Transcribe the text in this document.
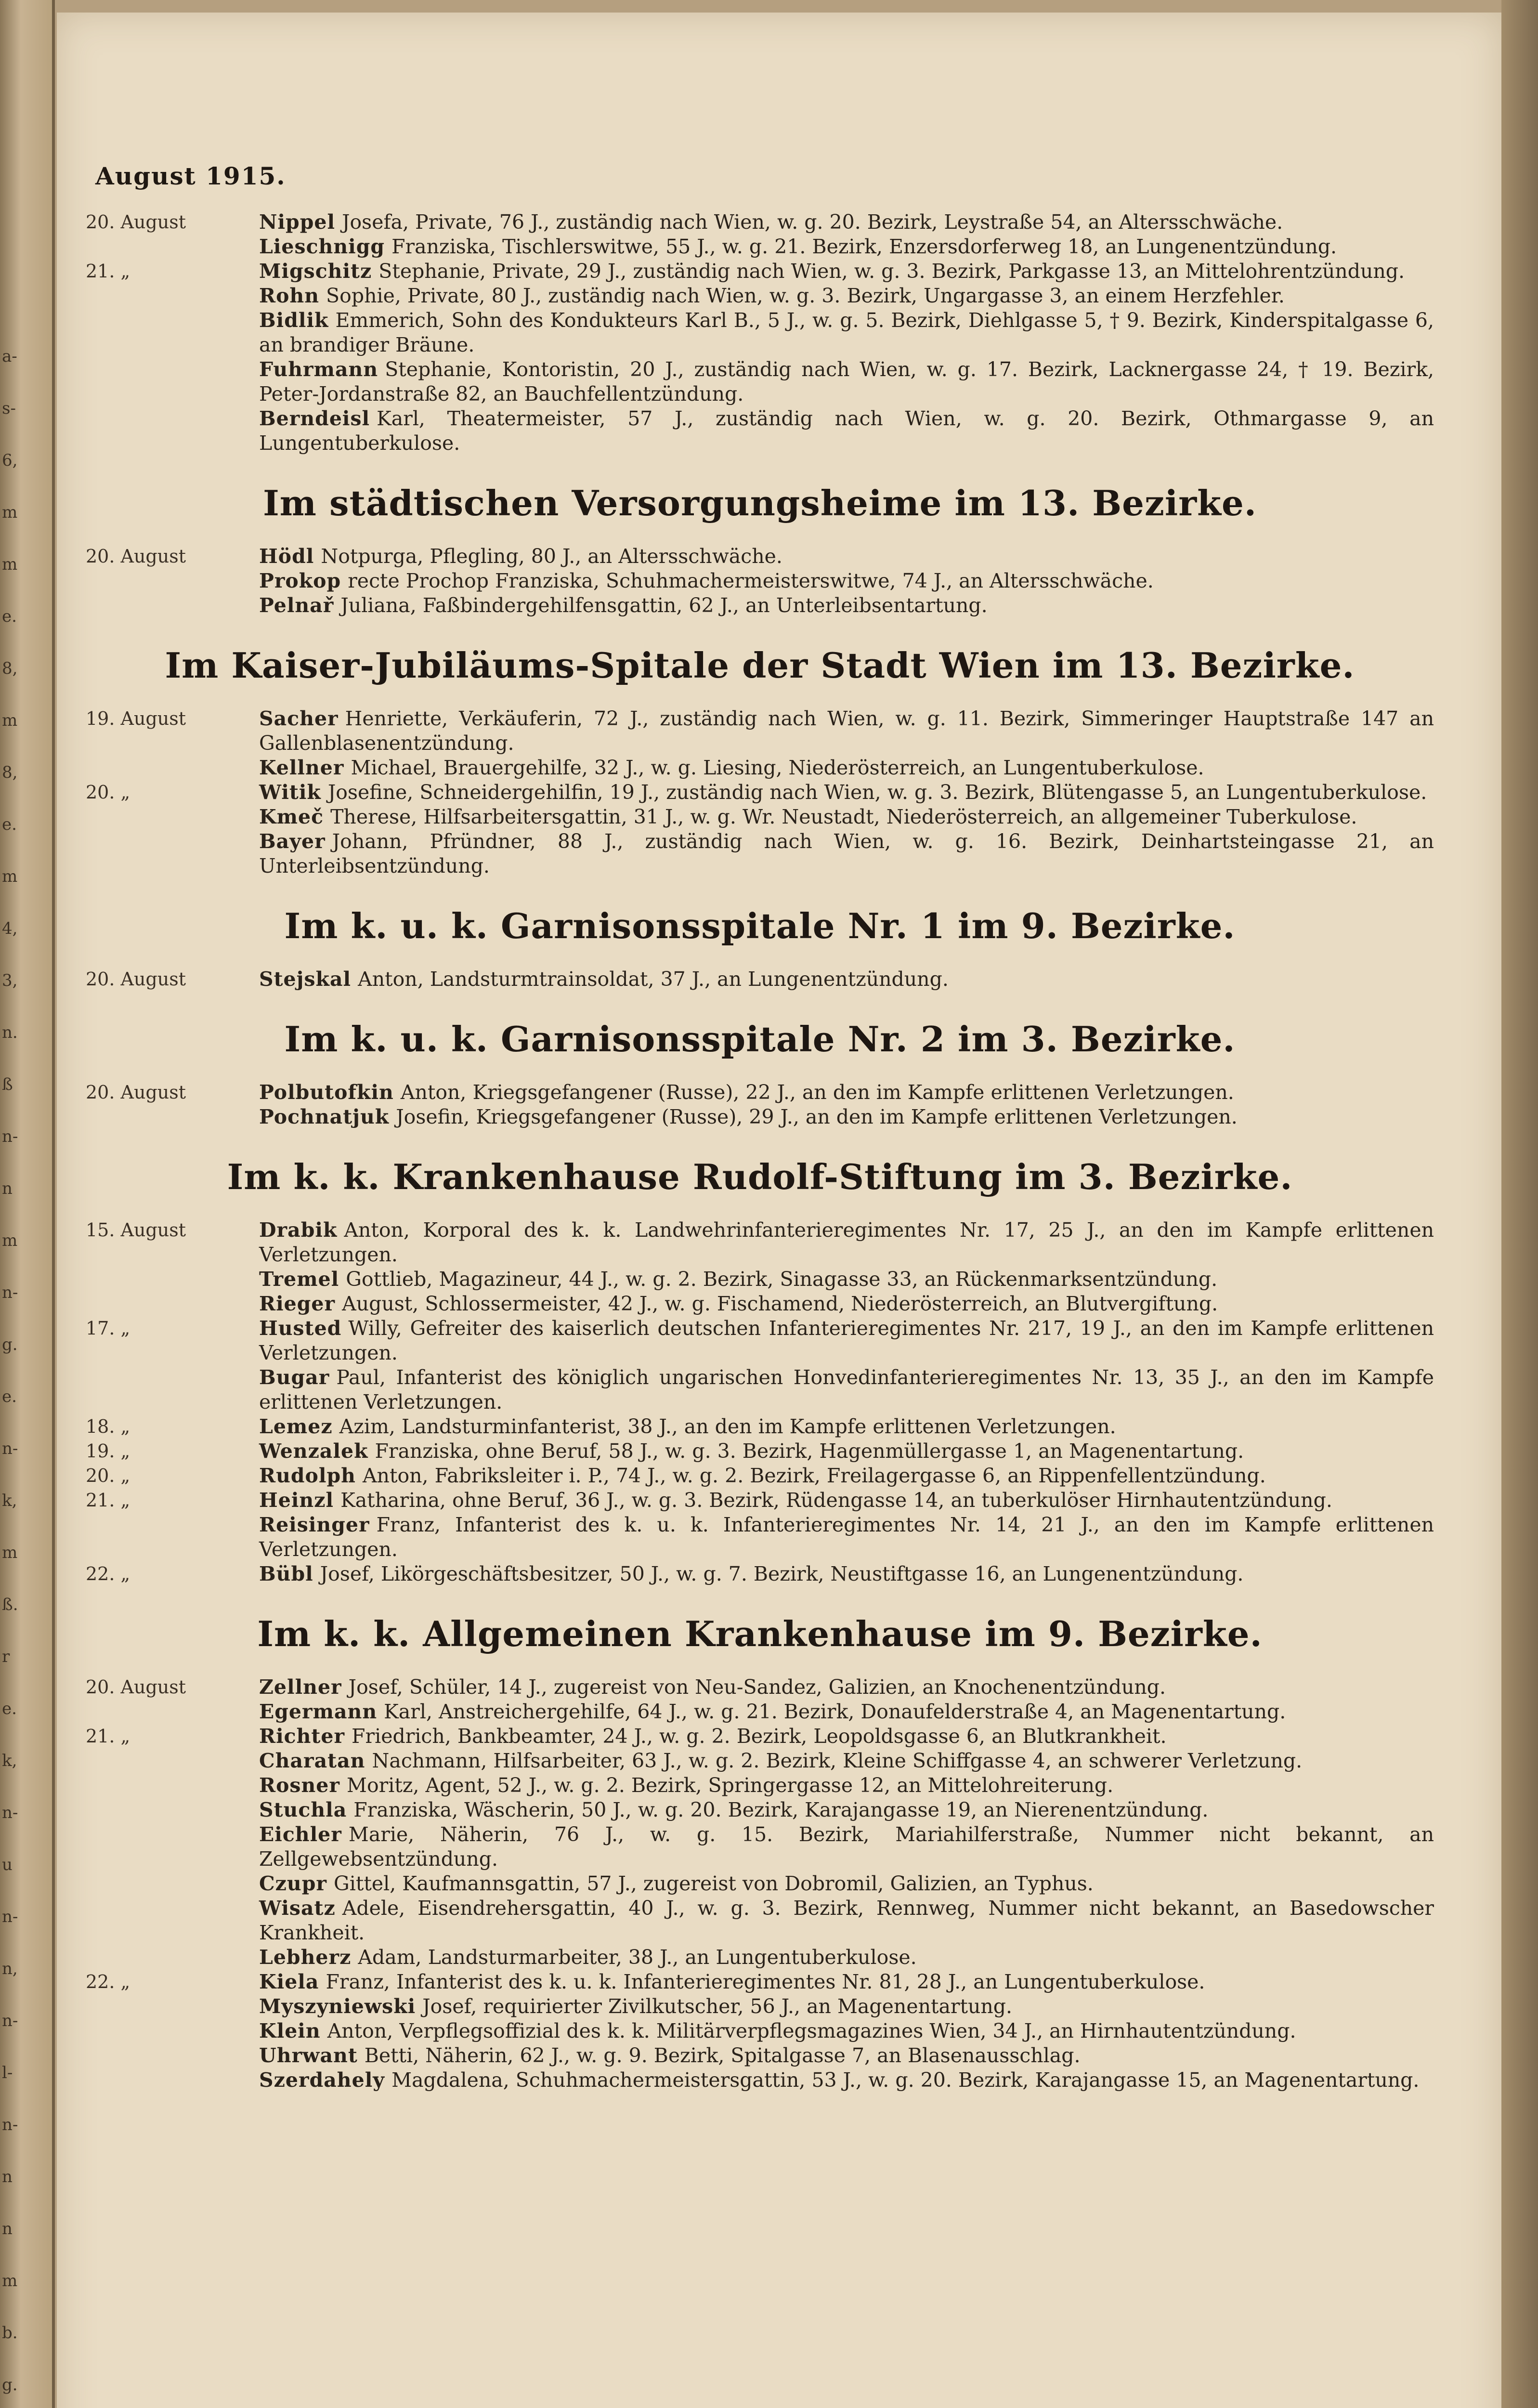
a-
s-
6,
m
m
e.
8,
m
8,
e.
m
4,
3,
n.
ß
n-
n
m
n-
g.
e.
n-
k,
m
ß.
r
e.
k,
n-
u
n-
n,
n-
l-
n-
n
n
m
b.
g.
August 1915.
20. August	Nippel Josefa, Private, 76 J., zuständig nach Wien, w. g. 20. Bezirk, Leystraße 54, an Altersschwäche.
Lieschnigg Franziska, Tischlerswitwe, 55 J., w. g. 21. Bezirk, Enzersdorferweg 18, an Lungenentzündung.
21. „	Migschitz Stephanie, Private, 29 J., zuständig nach Wien, w. g. 3. Bezirk, Parkgasse 13, an Mittelohrentzündung.
Rohn Sophie, Private, 80 J., zuständig nach Wien, w. g. 3. Bezirk, Ungargasse 3, an einem Herzfehler.
Bidlik Emmerich, Sohn des Kondukteurs Karl B., 5 J., w. g. 5. Bezirk, Diehlgasse 5, † 9. Bezirk, Kinderspitalgasse 6, an brandiger Bräune.
Fuhrmann Stephanie, Kontoristin, 20 J., zuständig nach Wien, w. g. 17. Bezirk, Lacknergasse 24, † 19. Bezirk, Peter-Jordanstraße 82, an Bauchfellentzündung.
Berndeisl Karl, Theatermeister, 57 J., zuständig nach Wien, w. g. 20. Bezirk, Othmargasse 9, an Lungentuberkulose.
Im städtischen Versorgungsheime im 13. Bezirke.
20. August	Hödl Notpurga, Pflegling, 80 J., an Altersschwäche.
Prokop recte Prochop Franziska, Schuhmachermeisterswitwe, 74 J., an Altersschwäche.
Pelnař Juliana, Faßbindergehilfensgattin, 62 J., an Unterleibsentartung.
Im Kaiser-Jubiläums-Spitale der Stadt Wien im 13. Bezirke.
19. August	Sacher Henriette, Verkäuferin, 72 J., zuständig nach Wien, w. g. 11. Bezirk, Simmeringer Hauptstraße 147 an Gallenblasenentzündung.
Kellner Michael, Brauergehilfe, 32 J., w. g. Liesing, Niederösterreich, an Lungentuberkulose.
20. „	Witik Josefine, Schneidergehilfin, 19 J., zuständig nach Wien, w. g. 3. Bezirk, Blütengasse 5, an Lungentuberkulose.
Kmeč Therese, Hilfsarbeitersgattin, 31 J., w. g. Wr. Neustadt, Niederösterreich, an allgemeiner Tuberkulose.
Bayer Johann, Pfründner, 88 J., zuständig nach Wien, w. g. 16. Bezirk, Deinhartsteingasse 21, an Unterleibsentzündung.
Im k. u. k. Garnisonsspitale Nr. 1 im 9. Bezirke.
20. August	Stejskal Anton, Landsturmtrainsoldat, 37 J., an Lungenentzündung.
Im k. u. k. Garnisonsspitale Nr. 2 im 3. Bezirke.
20. August	Polbutofkin Anton, Kriegsgefangener (Russe), 22 J., an den im Kampfe erlittenen Verletzungen.
Pochnatjuk Josefin, Kriegsgefangener (Russe), 29 J., an den im Kampfe erlittenen Verletzungen.
Im k. k. Krankenhause Rudolf-Stiftung im 3. Bezirke.
15. August	Drabik Anton, Korporal des k. k. Landwehrinfanterieregimentes Nr. 17, 25 J., an den im Kampfe erlittenen Verletzungen.
Tremel Gottlieb, Magazineur, 44 J., w. g. 2. Bezirk, Sinagasse 33, an Rückenmarksentzündung.
Rieger August, Schlossermeister, 42 J., w. g. Fischamend, Niederösterreich, an Blutvergiftung.
17. „	Husted Willy, Gefreiter des kaiserlich deutschen Infanterieregimentes Nr. 217, 19 J., an den im Kampfe erlittenen Verletzungen.
Bugar Paul, Infanterist des königlich ungarischen Honvedinfanterieregimentes Nr. 13, 35 J., an den im Kampfe erlittenen Verletzungen.
18. „	Lemez Azim, Landsturminfanterist, 38 J., an den im Kampfe erlittenen Verletzungen.
19. „	Wenzalek Franziska, ohne Beruf, 58 J., w. g. 3. Bezirk, Hagenmüllergasse 1, an Magenentartung.
20. „	Rudolph Anton, Fabriksleiter i. P., 74 J., w. g. 2. Bezirk, Freilagergasse 6, an Rippenfellentzündung.
21. „	Heinzl Katharina, ohne Beruf, 36 J., w. g. 3. Bezirk, Rüdengasse 14, an tuberkulöser Hirnhautentzündung.
Reisinger Franz, Infanterist des k. u. k. Infanterieregimentes Nr. 14, 21 J., an den im Kampfe erlittenen Verletzungen.
22. „	Bübl Josef, Likörgeschäftsbesitzer, 50 J., w. g. 7. Bezirk, Neustiftgasse 16, an Lungenentzündung.
Im k. k. Allgemeinen Krankenhause im 9. Bezirke.
20. August	Zellner Josef, Schüler, 14 J., zugereist von Neu-Sandez, Galizien, an Knochenentzündung.
Egermann Karl, Anstreichergehilfe, 64 J., w. g. 21. Bezirk, Donaufelderstraße 4, an Magenentartung.
21. „	Richter Friedrich, Bankbeamter, 24 J., w. g. 2. Bezirk, Leopoldsgasse 6, an Blutkrankheit.
Charatan Nachmann, Hilfsarbeiter, 63 J., w. g. 2. Bezirk, Kleine Schiffgasse 4, an schwerer Verletzung.
Rosner Moritz, Agent, 52 J., w. g. 2. Bezirk, Springergasse 12, an Mittelohreiterung.
Stuchla Franziska, Wäscherin, 50 J., w. g. 20. Bezirk, Karajangasse 19, an Nierenentzündung.
Eichler Marie, Näherin, 76 J., w. g. 15. Bezirk, Mariahilferstraße, Nummer nicht bekannt, an Zellgewebsentzündung.
Czupr Gittel, Kaufmannsgattin, 57 J., zugereist von Dobromil, Galizien, an Typhus.
Wisatz Adele, Eisendrehersgattin, 40 J., w. g. 3. Bezirk, Rennweg, Nummer nicht bekannt, an Basedowscher Krankheit.
Lebherz Adam, Landsturmarbeiter, 38 J., an Lungentuberkulose.
22. „	Kiela Franz, Infanterist des k. u. k. Infanterieregimentes Nr. 81, 28 J., an Lungentuberkulose.
Myszyniewski Josef, requirierter Zivilkutscher, 56 J., an Magenentartung.
Klein Anton, Verpflegsoffizial des k. k. Militärverpflegsmagazines Wien, 34 J., an Hirnhautentzündung.
Uhrwant Betti, Näherin, 62 J., w. g. 9. Bezirk, Spitalgasse 7, an Blasenausschlag.
Szerdahely Magdalena, Schuhmachermeistersgattin, 53 J., w. g. 20. Bezirk, Karajangasse 15, an Magenentartung.
